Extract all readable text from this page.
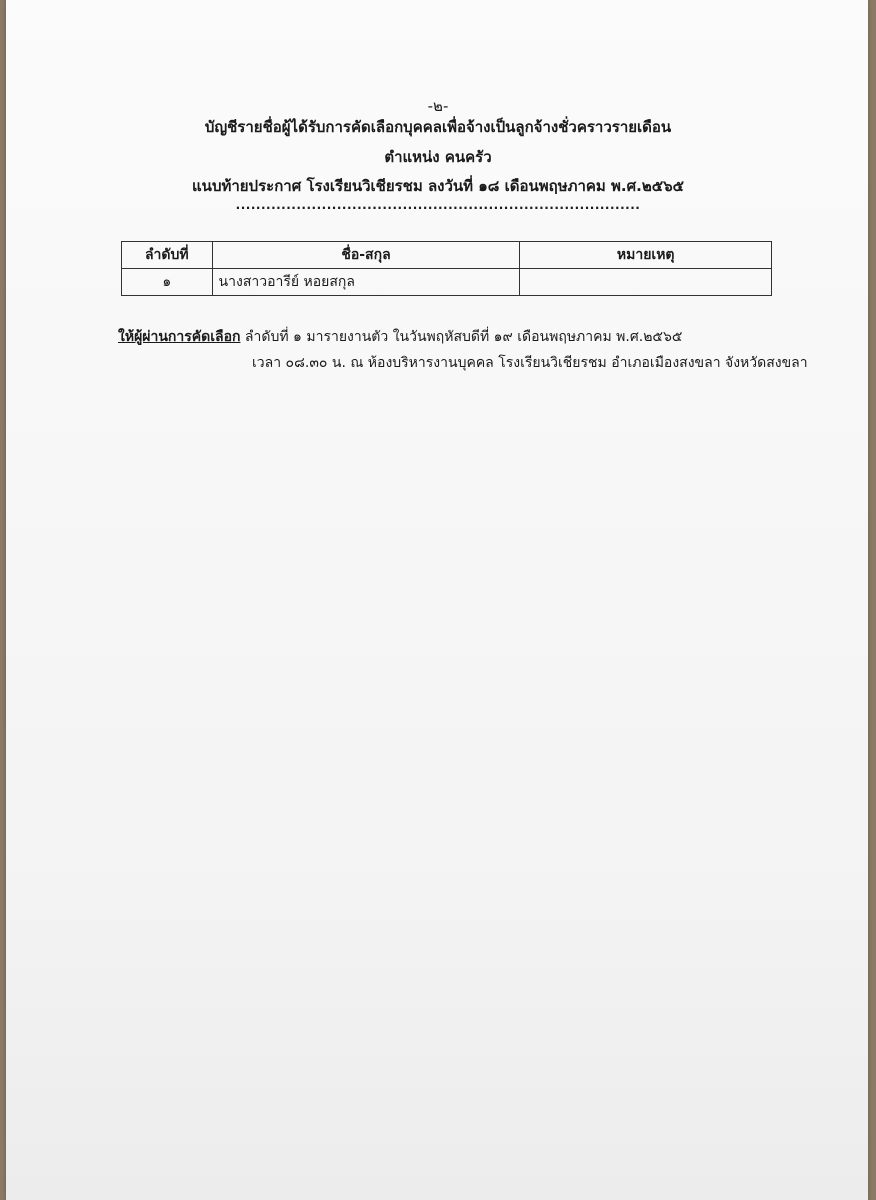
-๒-
บัญชีรายชื่อผู้ได้รับการคัดเลือกบุคคลเพื่อจ้างเป็นลูกจ้างชั่วคราวรายเดือน
ตำแหน่ง คนครัว
แนบท้ายประกาศ โรงเรียนวิเชียรชม ลงวันที่ ๑๘ เดือนพฤษภาคม พ.ศ.๒๕๖๕
................................................................................
ลำดับที่	ชื่อ-สกุล	หมายเหตุ
๑	นางสาวอารีย์ หอยสกุล	
ให้ผู้ผ่านการคัดเลือก ลำดับที่ ๑ มารายงานตัว ในวันพฤหัสบดีที่ ๑๙ เดือนพฤษภาคม พ.ศ.๒๕๖๕
เวลา ๐๘.๓๐ น. ณ ห้องบริหารงานบุคคล โรงเรียนวิเชียรชม อำเภอเมืองสงขลา จังหวัดสงขลา
